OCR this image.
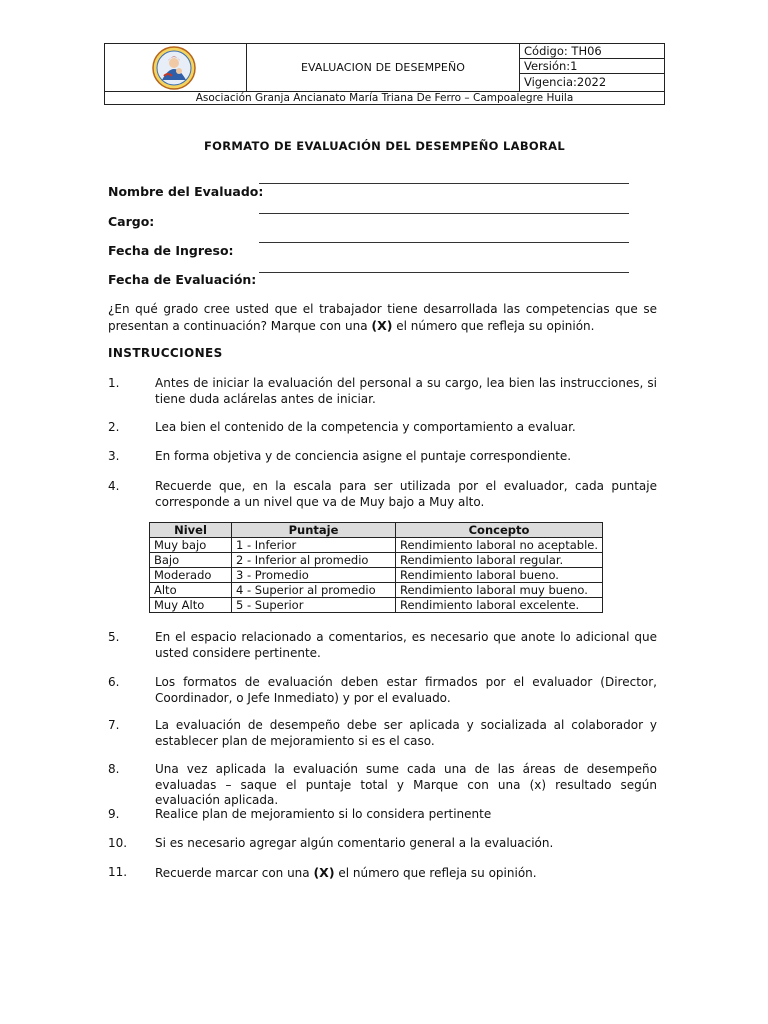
EVALUACION DE DESEMPEÑO
Código: TH06
Versión:1
Vigencia:2022
Asociación Granja Ancianato María Triana De Ferro – Campoalegre Huila
FORMATO DE EVALUACIÓN DEL DESEMPEÑO LABORAL
Nombre del Evaluado:
Cargo:
Fecha de Ingreso:
Fecha de Evaluación:
¿En qué grado cree usted que el trabajador tiene desarrollada las competencias que se presentan a continuación? Marque con una (X) el número que refleja su opinión.
INSTRUCCIONES
1.	Antes de iniciar la evaluación del personal a su cargo, lea bien las instrucciones, si tiene duda aclárelas antes de iniciar.
2.	Lea bien el contenido de la competencia y comportamiento a evaluar.
3.	En forma objetiva y de conciencia asigne el puntaje correspondiente.
4.	Recuerde que, en la escala para ser utilizada por el evaluador, cada puntaje corresponde a un nivel que va de Muy bajo a Muy alto.
Nivel	Puntaje	Concepto
Muy bajo	1 - Inferior	Rendimiento laboral no aceptable.
Bajo	2 - Inferior al promedio	Rendimiento laboral regular.
Moderado	3 - Promedio	Rendimiento laboral bueno.
Alto	4 - Superior al promedio	Rendimiento laboral muy bueno.
Muy Alto	5 - Superior	Rendimiento laboral excelente.
5.	En el espacio relacionado a comentarios, es necesario que anote lo adicional que usted considere pertinente.
6.	Los formatos de evaluación deben estar firmados por el evaluador (Director, Coordinador, o Jefe Inmediato) y por el evaluado.
7.	La evaluación de desempeño debe ser aplicada y socializada al colaborador y establecer plan de mejoramiento si es el caso.
8.	Una vez aplicada la evaluación sume cada una de las áreas de desempeño evaluadas – saque el puntaje total y Marque con una (x) resultado según evaluación aplicada.
9.	Realice plan de mejoramiento si lo considera pertinente
10.	Si es necesario agregar algún comentario general a la evaluación.
11.	Recuerde marcar con una (X) el número que refleja su opinión.
